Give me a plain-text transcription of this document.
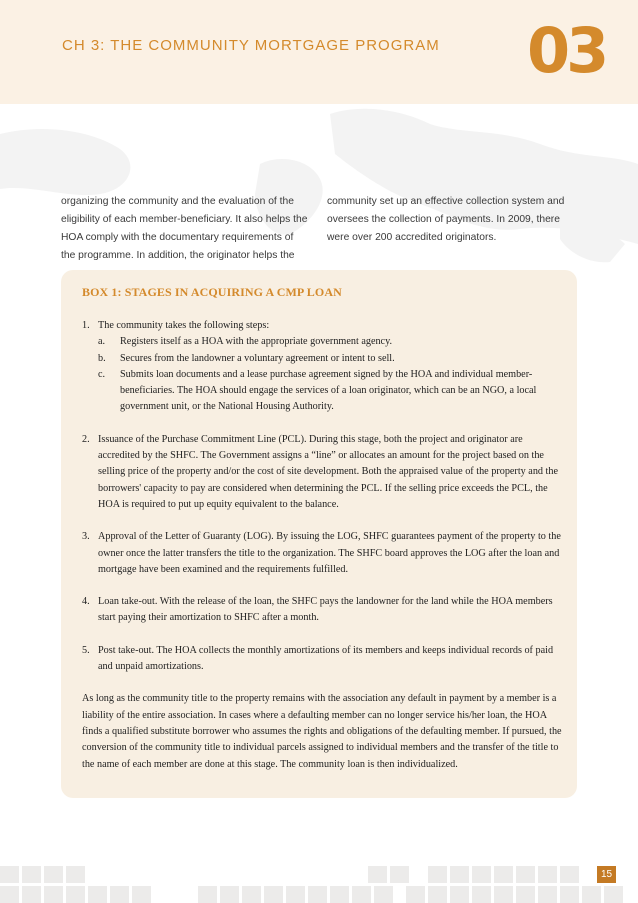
CH 3: THE COMMUNITY MORTGAGE PROGRAM 03
organizing the community and the evaluation of the eligibility of each member-beneficiary. It also helps the HOA comply with the documentary requirements of the programme. In addition, the originator helps the
community set up an effective collection system and oversees the collection of payments. In 2009, there were over 200 accredited originators.
BOX 1: STAGES IN ACQUIRING A CMP LOAN
1. The community takes the following steps:
a.	Registers itself as a HOA with the appropriate government agency.
b.	Secures from the landowner a voluntary agreement or intent to sell.
c.	Submits loan documents and a lease purchase agreement signed by the HOA and individual member-beneficiaries. The HOA should engage the services of a loan originator, which can be an NGO, a local government unit, or the National Housing Authority.
2. Issuance of the Purchase Commitment Line (PCL). During this stage, both the project and originator are accredited by the SHFC. The Government assigns a “line” or allocates an amount for the project based on the selling price of the property and/or the cost of site development. Both the appraised value of the property and the borrowers' capacity to pay are considered when determining the PCL. If the selling price exceeds the PCL, the HOA is required to put up equity equivalent to the balance.
3. Approval of the Letter of Guaranty (LOG). By issuing the LOG, SHFC guarantees payment of the property to the owner once the latter transfers the title to the organization. The SHFC board approves the LOG after the loan and mortgage have been examined and the requirements fulfilled.
4. Loan take-out. With the release of the loan, the SHFC pays the landowner for the land while the HOA members start paying their amortization to SHFC after a month.
5. Post take-out. The HOA collects the monthly amortizations of its members and keeps individual records of paid and unpaid amortizations.
As long as the community title to the property remains with the association any default in payment by a member is a liability of the entire association. In cases where a defaulting member can no longer service his/her loan, the HOA finds a qualified substitute borrower who assumes the rights and obligations of the defaulting member. If pursued, the conversion of the community title to individual parcels assigned to individual members and the transfer of the title to the name of each member are done at this stage. The community loan is then individualized.
15
